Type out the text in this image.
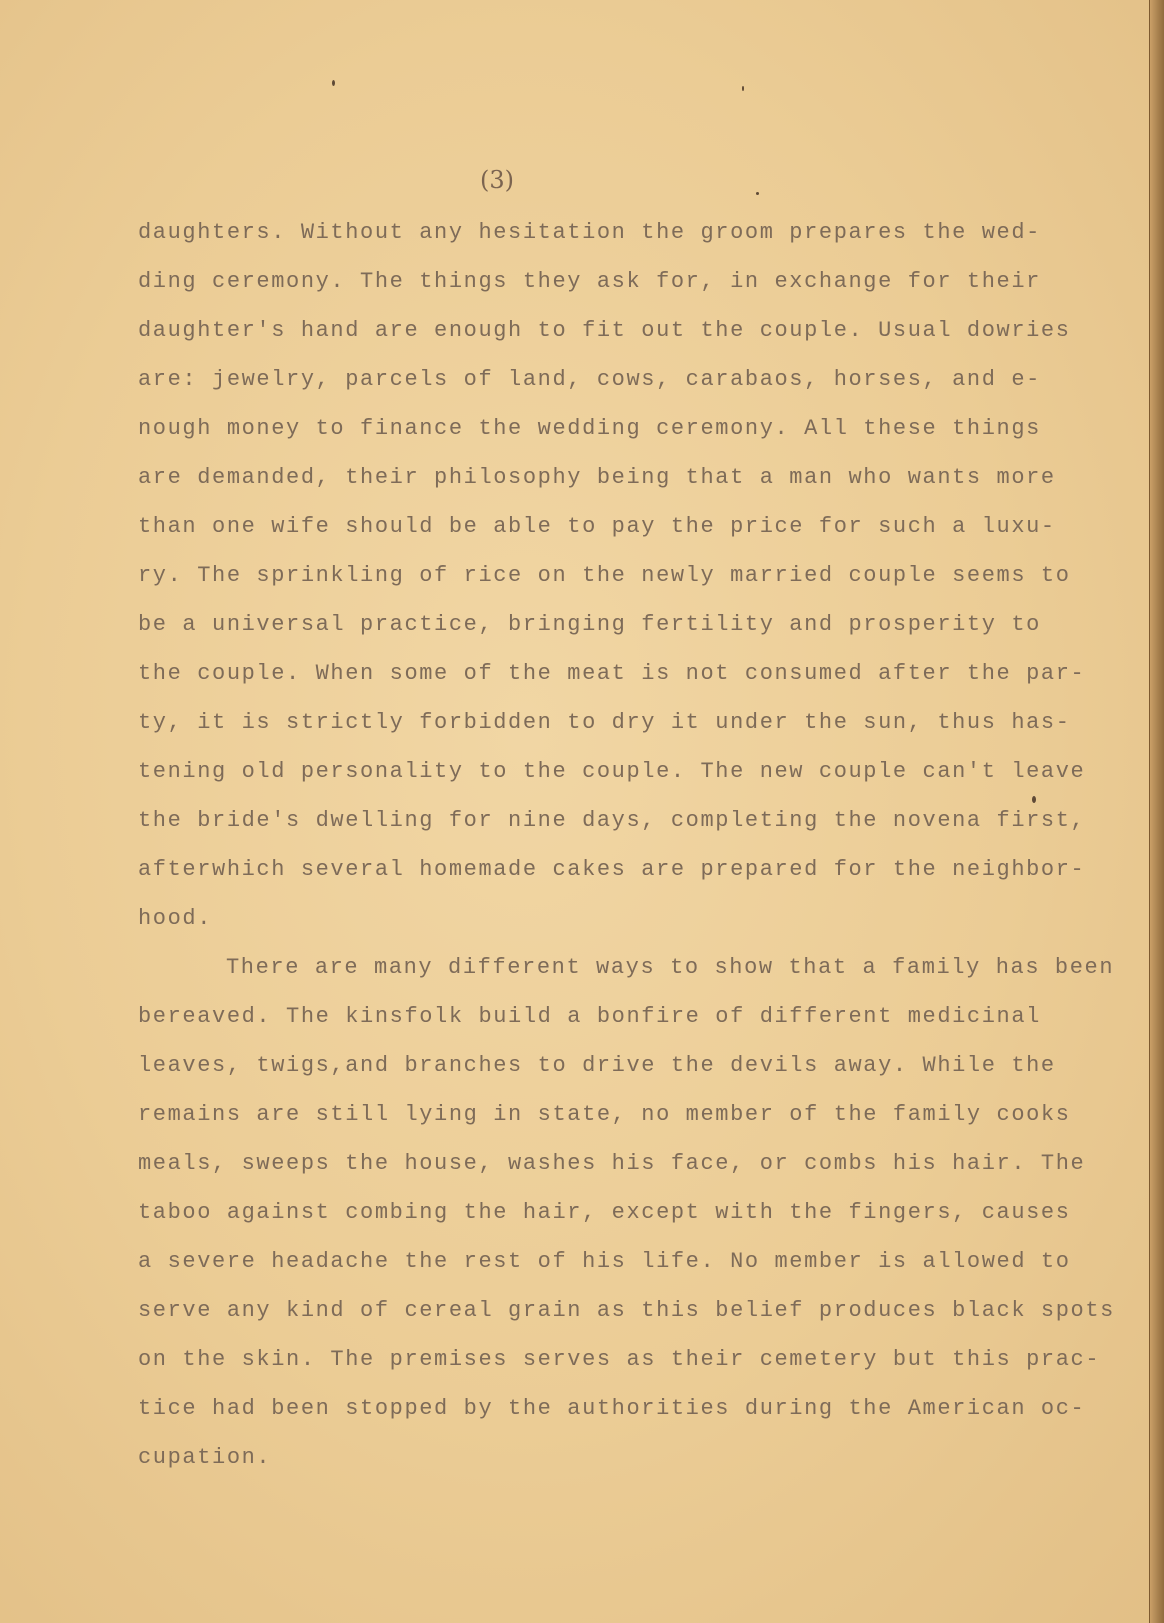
(3)
daughters. Without any hesitation the groom prepares the wed-
ding ceremony. The things they ask for, in exchange for their
daughter's hand are enough to fit out the couple. Usual dowries
are: jewelry, parcels of land, cows, carabaos, horses, and e-
nough money to finance the wedding ceremony. All these things
are demanded, their philosophy being that a man who wants more
than one wife should be able to pay the price for such a luxu-
ry. The sprinkling of rice on the newly married couple seems to
be a universal practice, bringing fertility and prosperity to
the couple. When some of the meat is not consumed after the par-
ty, it is strictly forbidden to dry it under the sun, thus has-
tening old personality to the couple. The new couple can't leave
the bride's dwelling for nine days, completing the novena first,
afterwhich several homemade cakes are prepared for the neighbor-
hood.
There are many different ways to show that a family has been
bereaved. The kinsfolk build a bonfire of different medicinal
leaves, twigs,and branches to drive the devils away. While the
remains are still lying in state, no member of the family cooks
meals, sweeps the house, washes his face, or combs his hair. The
taboo against combing the hair, except with the fingers, causes
a severe headache the rest of his life. No member is allowed to
serve any kind of cereal grain as this belief produces black spots
on the skin. The premises serves as their cemetery but this prac-
tice had been stopped by the authorities during the American oc-
cupation.
